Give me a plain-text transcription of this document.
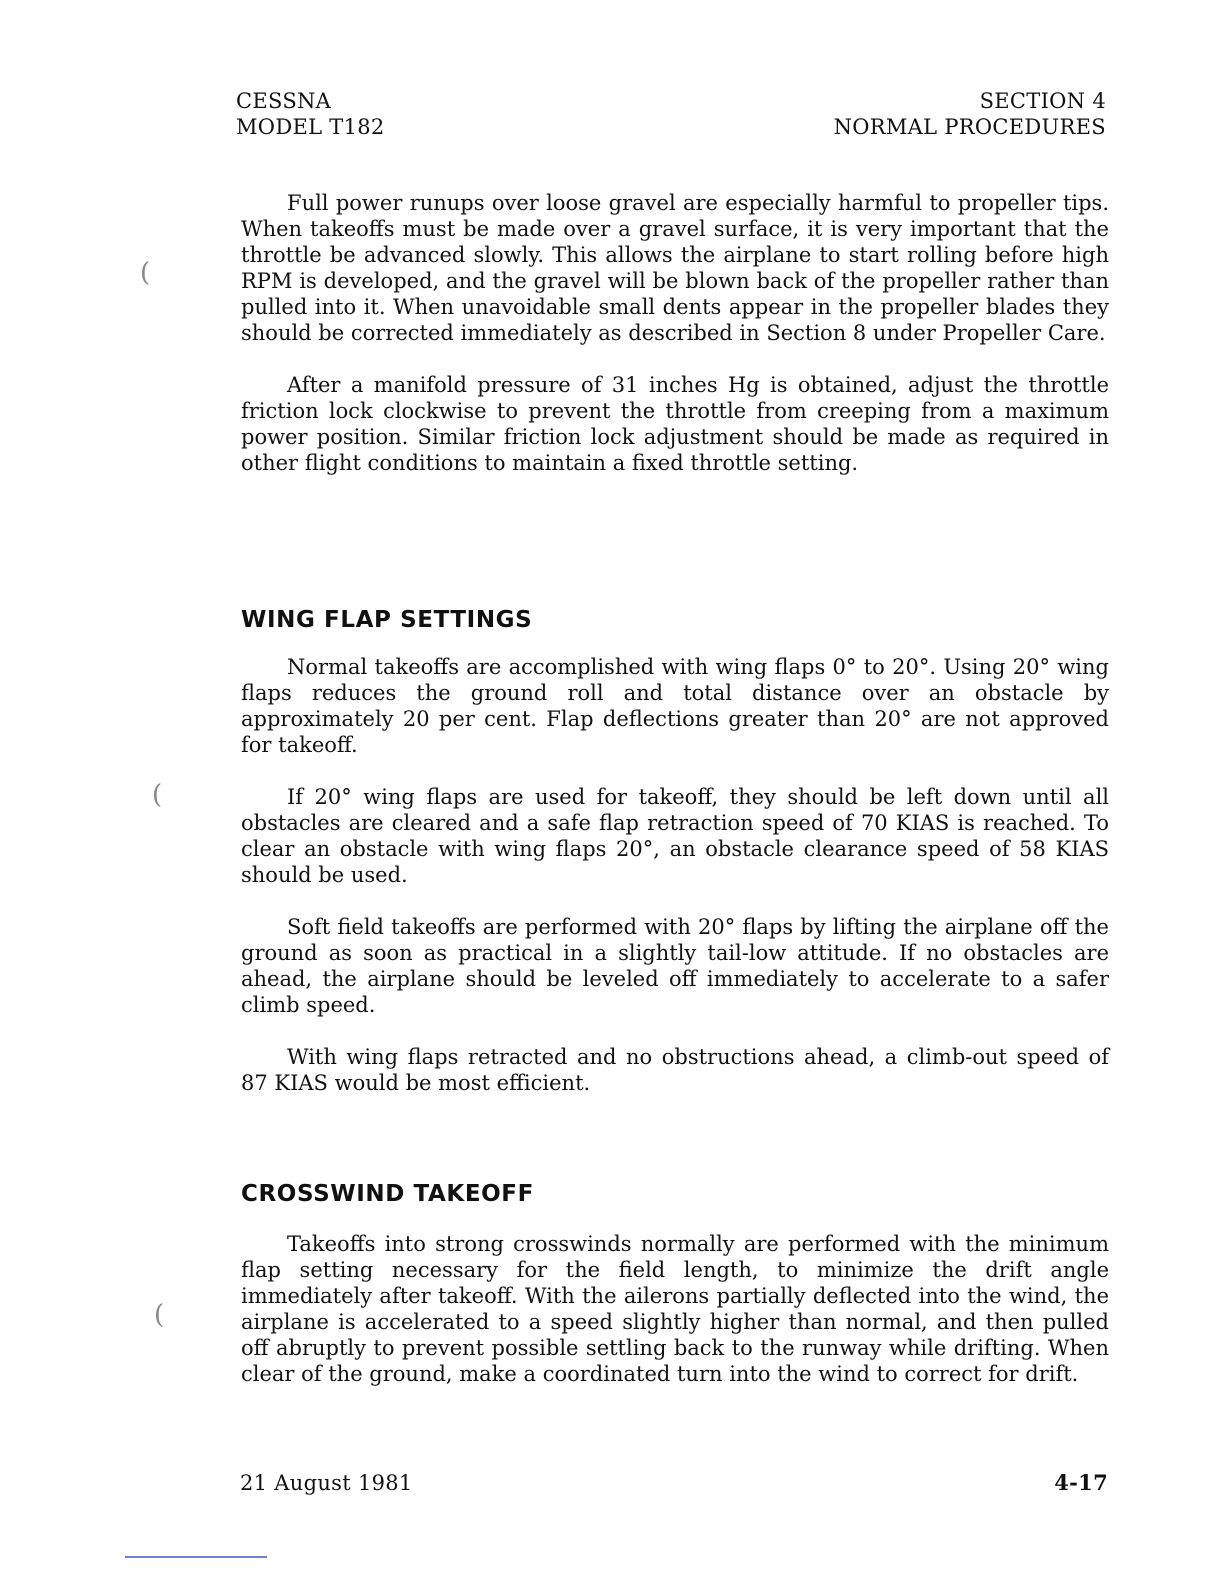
CESSNA
MODEL T182
SECTION 4
NORMAL PROCEDURES

Full power runups over loose gravel are especially harmful to propeller tips. When takeoffs must be made over a gravel surface, it is very important that the throttle be advanced slowly. This allows the airplane to start rolling before high RPM is developed, and the gravel will be blown back of the propeller rather than pulled into it. When unavoidable small dents appear in the propeller blades they should be corrected immediately as described in Section 8 under Propeller Care.

After a manifold pressure of 31 inches Hg is obtained, adjust the throttle friction lock clockwise to prevent the throttle from creeping from a maximum power position. Similar friction lock adjustment should be made as required in other flight conditions to maintain a fixed throttle setting.

WING FLAP SETTINGS

Normal takeoffs are accomplished with wing flaps 0° to 20°. Using 20° wing flaps reduces the ground roll and total distance over an obstacle by approximately 20 per cent. Flap deflections greater than 20° are not approved for takeoff.

If 20° wing flaps are used for takeoff, they should be left down until all obstacles are cleared and a safe flap retraction speed of 70 KIAS is reached. To clear an obstacle with wing flaps 20°, an obstacle clearance speed of 58 KIAS should be used.

Soft field takeoffs are performed with 20° flaps by lifting the airplane off the ground as soon as practical in a slightly tail-low attitude. If no obstacles are ahead, the airplane should be leveled off immediately to accelerate to a safer climb speed.

With wing flaps retracted and no obstructions ahead, a climb-out speed of 87 KIAS would be most efficient.

CROSSWIND TAKEOFF

Takeoffs into strong crosswinds normally are performed with the minimum flap setting necessary for the field length, to minimize the drift angle immediately after takeoff. With the ailerons partially deflected into the wind, the airplane is accelerated to a speed slightly higher than normal, and then pulled off abruptly to prevent possible settling back to the runway while drifting. When clear of the ground, make a coordinated turn into the wind to correct for drift.

21 August 1981	4-17
(
(
(
